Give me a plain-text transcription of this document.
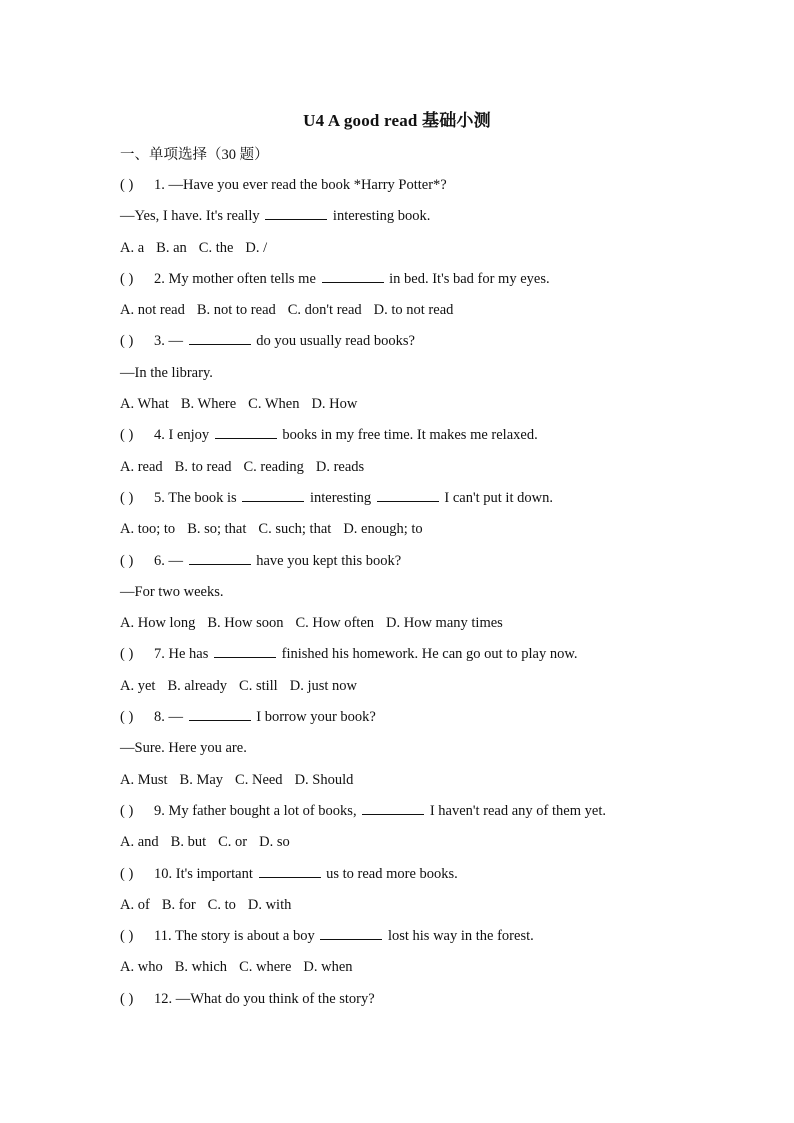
U4 A good read 基础小测
一、单项选择（30 题）
( ) 1. —Have you ever read the book *Harry Potter*?
—Yes, I have. It's really	interesting book.
A. a B. an C. the D. /
( ) 2. My mother often tells me	in bed. It's bad for my eyes.
A. not read B. not to read C. don't read D. to not read
( ) 3. —	do you usually read books?
—In the library.
A. What B. Where C. When D. How
( ) 4. I enjoy	books in my free time. It makes me relaxed.
A. read B. to read C. reading D. reads
( ) 5. The book is	interesting	I can't put it down.
A. too; to B. so; that C. such; that D. enough; to
( ) 6. —	have you kept this book?
—For two weeks.
A. How long B. How soon C. How often D. How many times
( ) 7. He has	finished his homework. He can go out to play now.
A. yet B. already C. still D. just now
( ) 8. —	I borrow your book?
—Sure. Here you are.
A. Must B. May C. Need D. Should
( ) 9. My father bought a lot of books,	I haven't read any of them yet.
A. and B. but C. or D. so
( ) 10. It's important	us to read more books.
A. of B. for C. to D. with
( ) 11. The story is about a boy	lost his way in the forest.
A. who B. which C. where D. when
( ) 12. —What do you think of the story?
